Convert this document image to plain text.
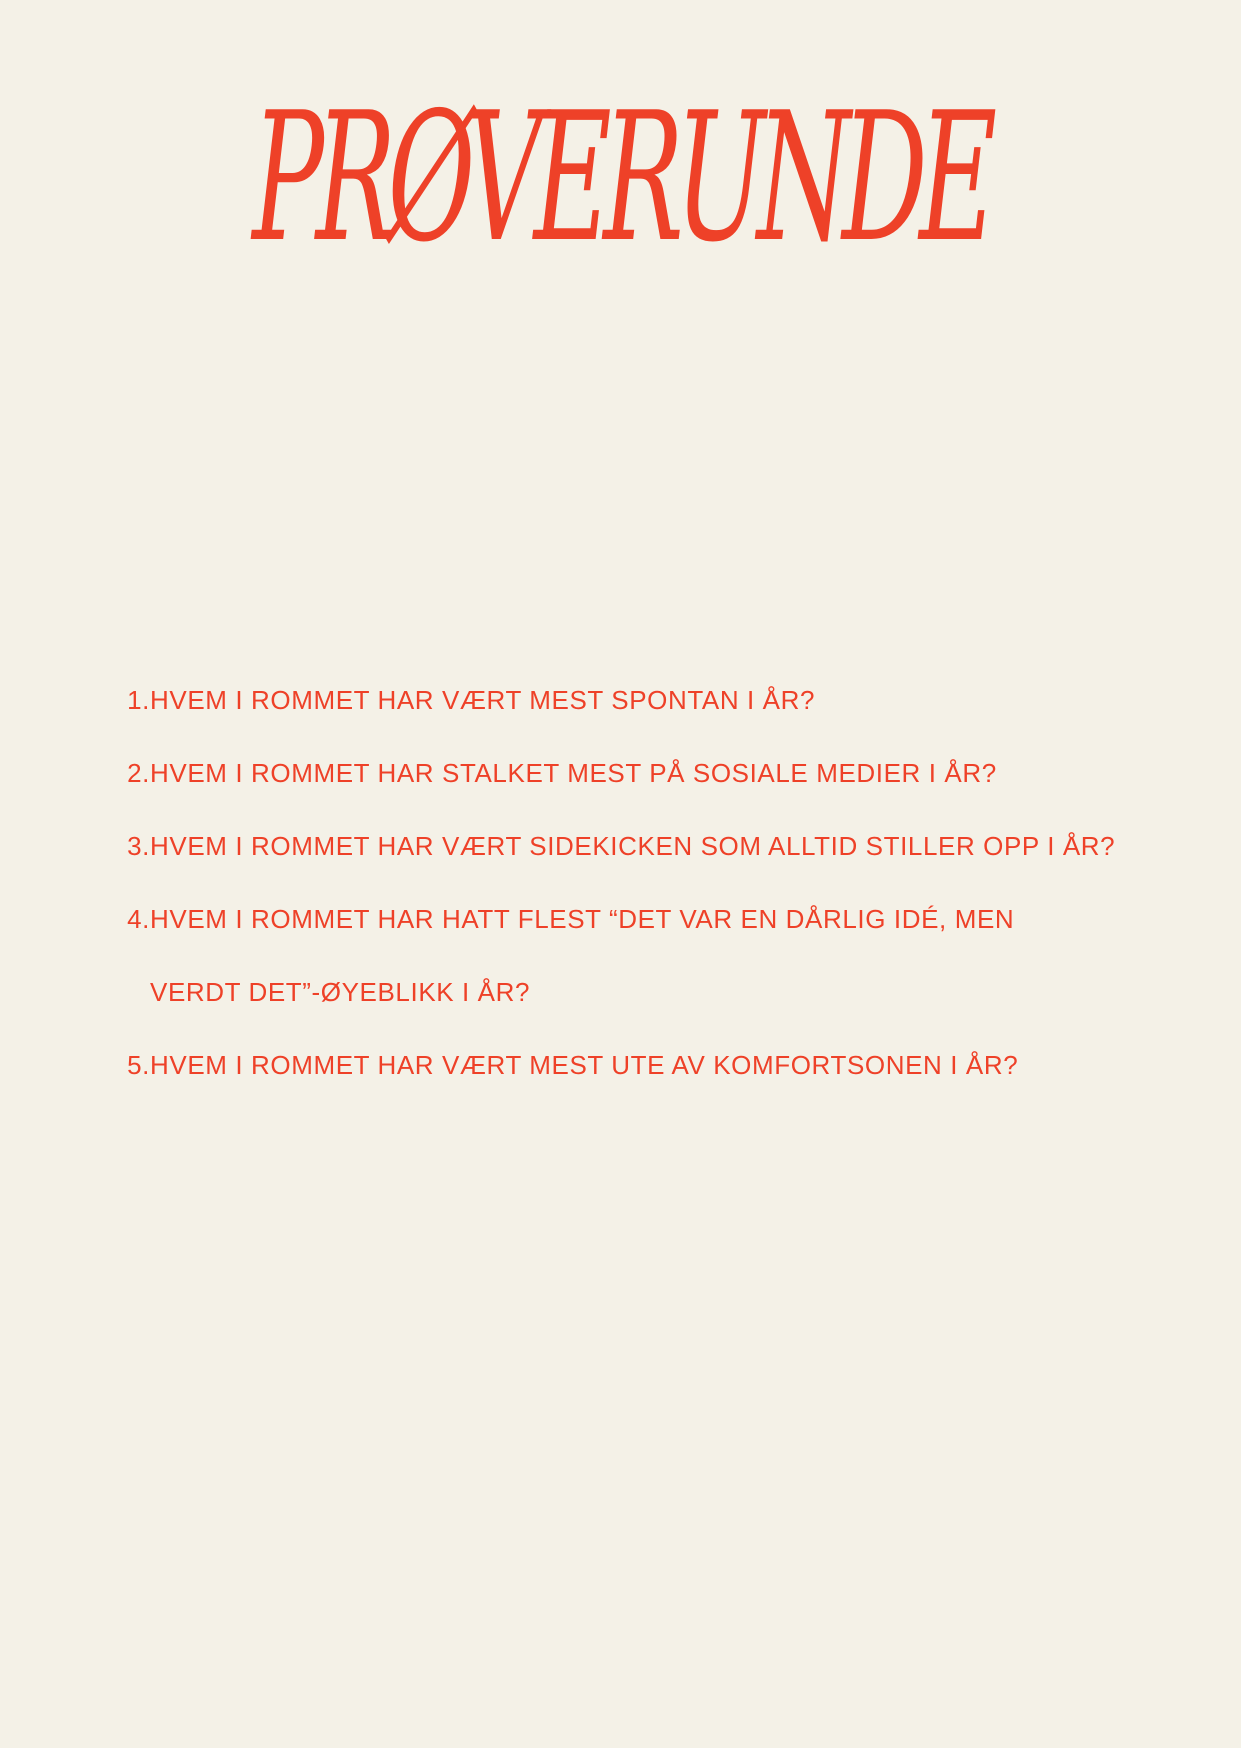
PRØVERUNDE
1. HVEM I ROMMET HAR VÆRT MEST SPONTAN I ÅR?
2. HVEM I ROMMET HAR STALKET MEST PÅ SOSIALE MEDIER I ÅR?
3. HVEM I ROMMET HAR VÆRT SIDEKICKEN SOM ALLTID STILLER OPP I ÅR?
4. HVEM I ROMMET HAR HATT FLEST “DET VAR EN DÅRLIG IDÉ, MEN
VERDT DET”-ØYEBLIKK I ÅR?
5. HVEM I ROMMET HAR VÆRT MEST UTE AV KOMFORTSONEN I ÅR?
